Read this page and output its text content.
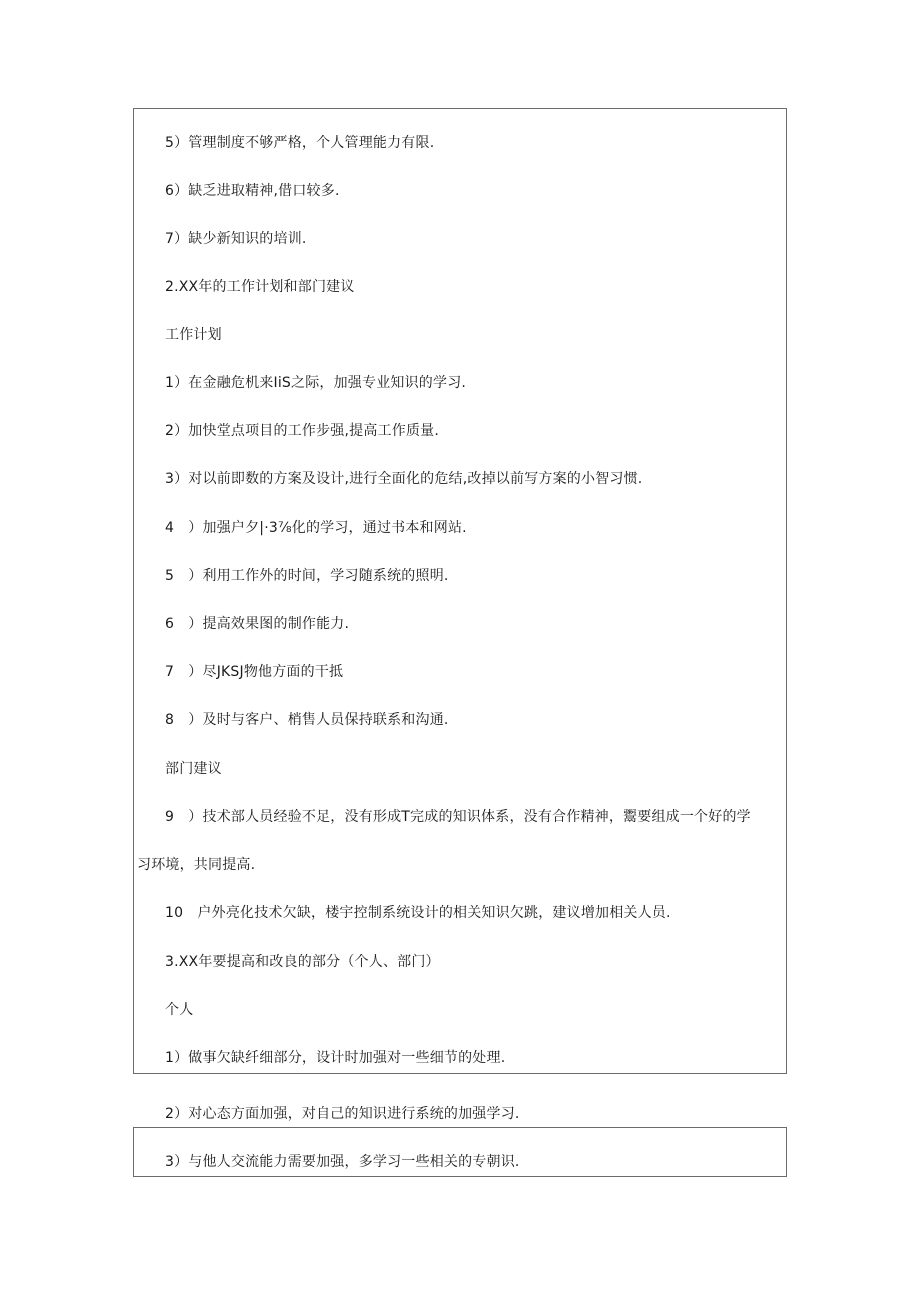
5）管理制度不够严格，个人管理能力有限.

6）缺乏进取精神,借口较多.

7）缺少新知识的培训.

2.XX年的工作计划和部门建议

工作计划

1）在金融危机来IiS之际，加强专业知识的学习.

2）加快堂点项目的工作步强,提高工作质量.

3）对以前即数的方案及设计,进行全面化的危结,改掉以前写方案的小智习惯.

4　）加强户夕|·3⅞化的学习，通过书本和网站.

5　）利用工作外的时间，学习随系统的照明.

6　）提高效果图的制作能力.

7　）尽JKSJ物他方面的干抵

8　）及时与客户、梢售人员保持联系和沟通.

部门建议

9　）技术部人员经验不足，没有形成T完成的知识体系，没有合作精神，鬻要组成一个好的学

习环境，共同提高.

10　户外亮化技术欠缺，楼宇控制系统设计的相关知识欠跳，建议增加相关人员.

3.XX年要提高和改良的部分（个人、部门）

个人

1）做事欠缺纤细部分，设计时加强对一些细节的处理.

2）对心态方面加强，对自己的知识进行系统的加强学习.

3）与他人交流能力需要加强，多学习一些相关的专朝识.
